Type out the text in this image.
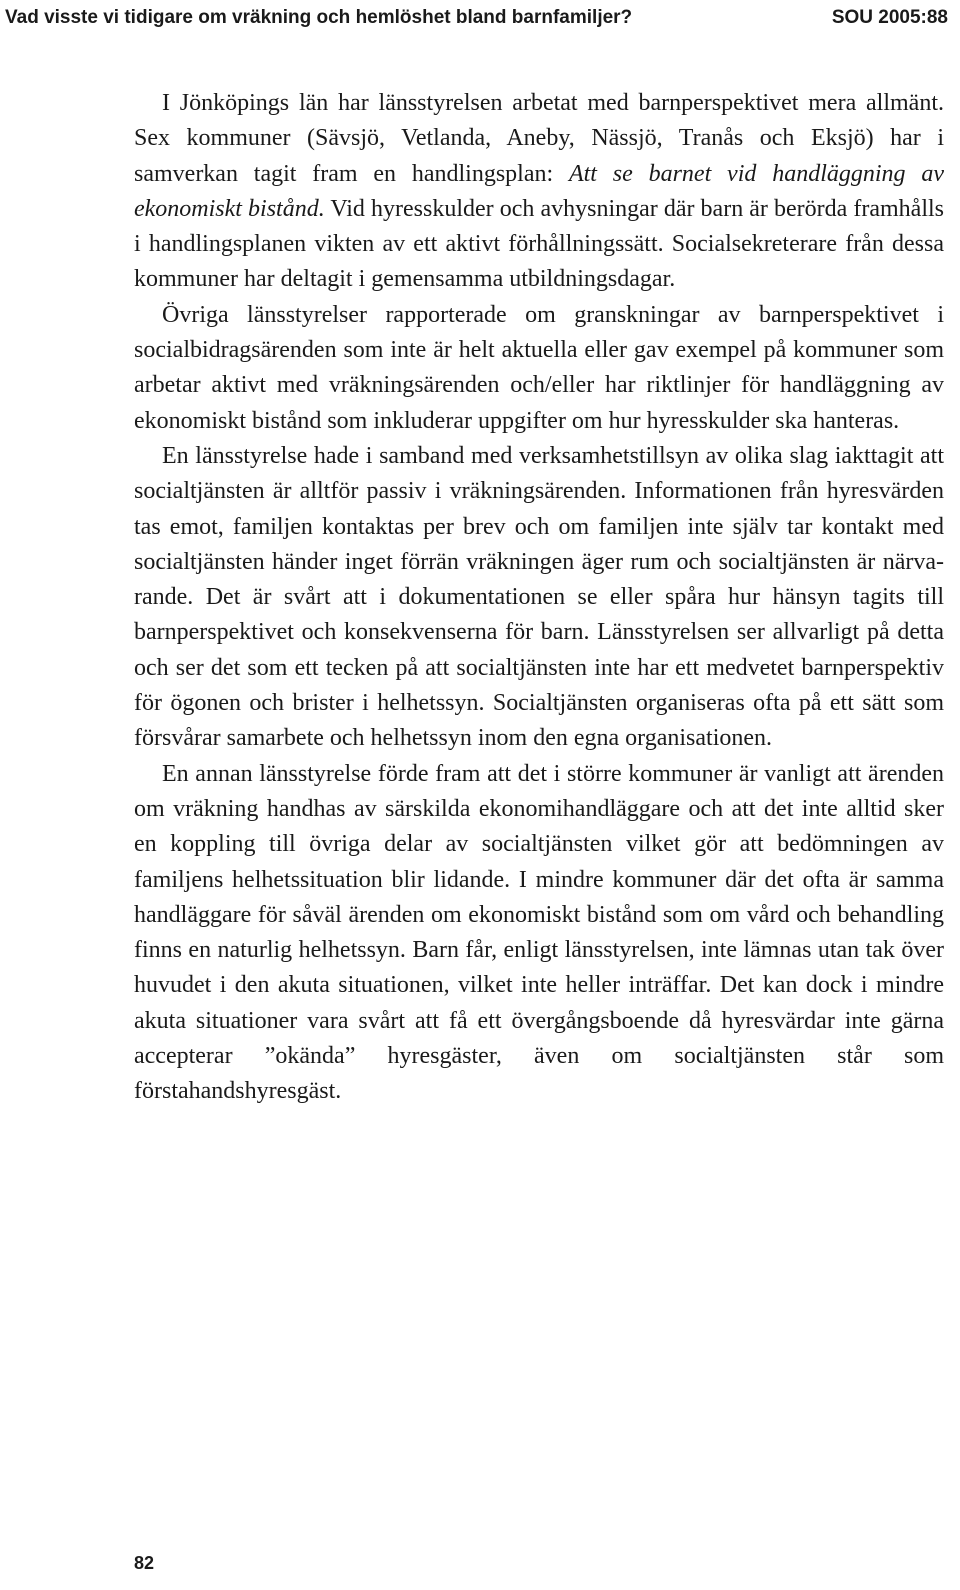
Vad visste vi tidigare om vräkning och hemlöshet bland barnfamiljer?	SOU 2005:88

I Jönköpings län har länsstyrelsen arbetat med barnperspektivet mera allmänt. Sex kommuner (Sävsjö, Vetlanda, Aneby, Nässjö, Tranås och Eksjö) har i samverkan tagit fram en handlingsplan: Att se barnet vid handläggning av ekonomiskt bistånd. Vid hyresskulder och avhysningar där barn är berörda framhålls i handlingsplanen vikten av ett aktivt förhållningssätt. Socialsekreterare från dessa kommuner har deltagit i gemensamma utbildningsdagar.

Övriga länsstyrelser rapporterade om granskningar av barnperspektivet i socialbidragsärenden som inte är helt aktuella eller gav exempel på kommuner som arbetar aktivt med vräkningsärenden och/eller har riktlinjer för handläggning av ekonomiskt bistånd som inkluderar uppgifter om hur hyresskulder ska hanteras.

En länsstyrelse hade i samband med verksamhetstillsyn av olika slag iakttagit att socialtjänsten är alltför passiv i vräkningsärenden. Informationen från hyresvärden tas emot, familjen kontaktas per brev och om familjen inte själv tar kontakt med socialtjänsten händer inget förrän vräkningen äger rum och socialtjänsten är närvarande. Det är svårt att i dokumentationen se eller spåra hur hänsyn tagits till barnperspektivet och konsekvenserna för barn. Länsstyrelsen ser allvarligt på detta och ser det som ett tecken på att socialtjänsten inte har ett medvetet barnperspektiv för ögonen och brister i helhetssyn. Socialtjänsten organiseras ofta på ett sätt som försvårar samarbete och helhetssyn inom den egna organisationen.

En annan länsstyrelse förde fram att det i större kommuner är vanligt att ärenden om vräkning handhas av särskilda ekonomihandläggare och att det inte alltid sker en koppling till övriga delar av socialtjänsten vilket gör att bedömningen av familjens helhetssituation blir lidande. I mindre kommuner där det ofta är samma handläggare för såväl ärenden om ekonomiskt bistånd som om vård och behandling finns en naturlig helhetssyn. Barn får, enligt länsstyrelsen, inte lämnas utan tak över huvudet i den akuta situationen, vilket inte heller inträffar. Det kan dock i mindre akuta situationer vara svårt att få ett övergångsboende då hyresvärdar inte gärna accepterar ”okända” hyresgäster, även om socialtjänsten står som förstahandshyresgäst.

82
